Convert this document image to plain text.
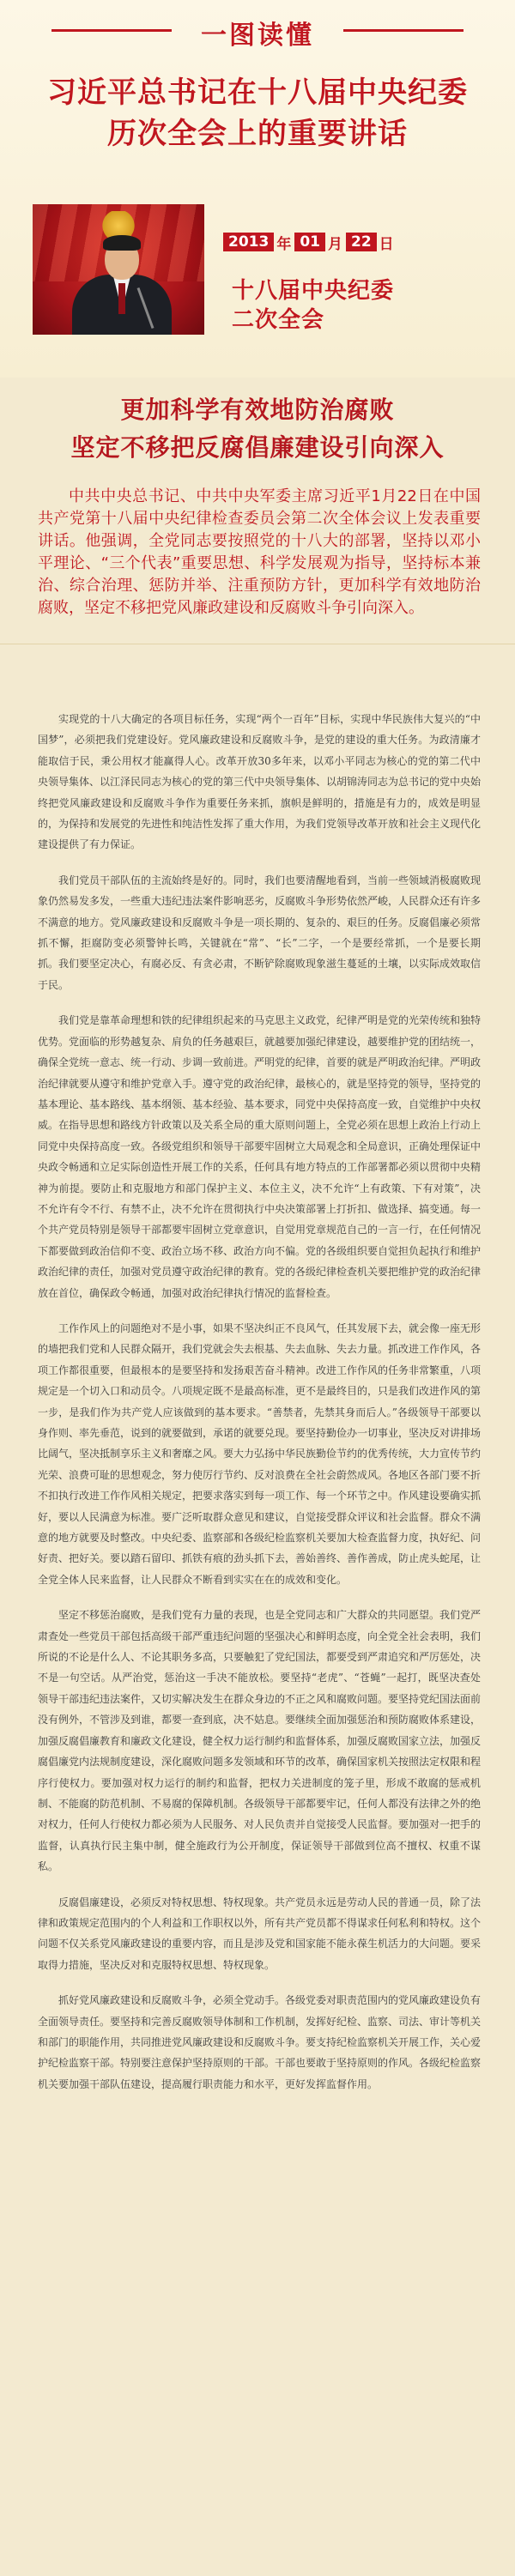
一图读懂
习近平总书记在十八届中央纪委
历次全会上的重要讲话
2013 年 01 月 22 日
十八届中央纪委
二次全会
更加科学有效地防治腐败
坚定不移把反腐倡廉建设引向深入
中共中央总书记、中共中央军委主席习近平1月22日在中国共产党第十八届中央纪律检查委员会第二次全体会议上发表重要讲话。他强调，全党同志要按照党的十八大的部署，坚持以邓小平理论、“三个代表”重要思想、科学发展观为指导，坚持标本兼治、综合治理、惩防并举、注重预防方针，更加科学有效地防治腐败，坚定不移把党风廉政建设和反腐败斗争引向深入。

实现党的十八大确定的各项目标任务，实现“两个一百年”目标，实现中华民族伟大复兴的“中国梦”，必须把我们党建设好。党风廉政建设和反腐败斗争，是党的建设的重大任务。为政清廉才能取信于民，秉公用权才能赢得人心。改革开放30多年来，以邓小平同志为核心的党的第二代中央领导集体、以江泽民同志为核心的党的第三代中央领导集体、以胡锦涛同志为总书记的党中央始终把党风廉政建设和反腐败斗争作为重要任务来抓，旗帜是鲜明的，措施是有力的，成效是明显的，为保持和发展党的先进性和纯洁性发挥了重大作用，为我们党领导改革开放和社会主义现代化建设提供了有力保证。

我们党员干部队伍的主流始终是好的。同时，我们也要清醒地看到，当前一些领域消极腐败现象仍然易发多发，一些重大违纪违法案件影响恶劣，反腐败斗争形势依然严峻，人民群众还有许多不满意的地方。党风廉政建设和反腐败斗争是一项长期的、复杂的、艰巨的任务。反腐倡廉必须常抓不懈，拒腐防变必须警钟长鸣，关键就在“常”、“长”二字，一个是要经常抓，一个是要长期抓。我们要坚定决心，有腐必反、有贪必肃，不断铲除腐败现象滋生蔓延的土壤，以实际成效取信于民。

我们党是靠革命理想和铁的纪律组织起来的马克思主义政党，纪律严明是党的光荣传统和独特优势。党面临的形势越复杂、肩负的任务越艰巨，就越要加强纪律建设，越要维护党的团结统一，确保全党统一意志、统一行动、步调一致前进。严明党的纪律，首要的就是严明政治纪律。严明政治纪律就要从遵守和维护党章入手。遵守党的政治纪律，最核心的，就是坚持党的领导，坚持党的基本理论、基本路线、基本纲领、基本经验、基本要求，同党中央保持高度一致，自觉维护中央权威。在指导思想和路线方针政策以及关系全局的重大原则问题上，全党必须在思想上政治上行动上同党中央保持高度一致。各级党组织和领导干部要牢固树立大局观念和全局意识，正确处理保证中央政令畅通和立足实际创造性开展工作的关系，任何具有地方特点的工作部署都必须以贯彻中央精神为前提。要防止和克服地方和部门保护主义、本位主义，决不允许“上有政策、下有对策”，决不允许有令不行、有禁不止，决不允许在贯彻执行中央决策部署上打折扣、做选择、搞变通。每一个共产党员特别是领导干部都要牢固树立党章意识，自觉用党章规范自己的一言一行，在任何情况下都要做到政治信仰不变、政治立场不移、政治方向不偏。党的各级组织要自觉担负起执行和维护政治纪律的责任，加强对党员遵守政治纪律的教育。党的各级纪律检查机关要把维护党的政治纪律放在首位，确保政令畅通，加强对政治纪律执行情况的监督检查。

工作作风上的问题绝对不是小事，如果不坚决纠正不良风气，任其发展下去，就会像一座无形的墙把我们党和人民群众隔开，我们党就会失去根基、失去血脉、失去力量。抓改进工作作风，各项工作都很重要，但最根本的是要坚持和发扬艰苦奋斗精神。改进工作作风的任务非常繁重，八项规定是一个切入口和动员令。八项规定既不是最高标准，更不是最终目的，只是我们改进作风的第一步，是我们作为共产党人应该做到的基本要求。“善禁者，先禁其身而后人。”各级领导干部要以身作则、率先垂范，说到的就要做到，承诺的就要兑现。要坚持勤俭办一切事业，坚决反对讲排场比阔气，坚决抵制享乐主义和奢靡之风。要大力弘扬中华民族勤俭节约的优秀传统，大力宣传节约光荣、浪费可耻的思想观念，努力使厉行节约、反对浪费在全社会蔚然成风。各地区各部门要不折不扣执行改进工作作风相关规定，把要求落实到每一项工作、每一个环节之中。作风建设要确实抓好，要以人民满意为标准。要广泛听取群众意见和建议，自觉接受群众评议和社会监督。群众不满意的地方就要及时整改。中央纪委、监察部和各级纪检监察机关要加大检查监督力度，执好纪、问好责、把好关。要以踏石留印、抓铁有痕的劲头抓下去，善始善终、善作善成，防止虎头蛇尾，让全党全体人民来监督，让人民群众不断看到实实在在的成效和变化。

坚定不移惩治腐败，是我们党有力量的表现，也是全党同志和广大群众的共同愿望。我们党严肃查处一些党员干部包括高级干部严重违纪问题的坚强决心和鲜明态度，向全党全社会表明，我们所说的不论是什么人、不论其职务多高，只要触犯了党纪国法，都要受到严肃追究和严厉惩处，决不是一句空话。从严治党，惩治这一手决不能放松。要坚持“老虎”、“苍蝇”一起打，既坚决查处领导干部违纪违法案件，又切实解决发生在群众身边的不正之风和腐败问题。要坚持党纪国法面前没有例外，不管涉及到谁，都要一查到底，决不姑息。要继续全面加强惩治和预防腐败体系建设，加强反腐倡廉教育和廉政文化建设，健全权力运行制约和监督体系，加强反腐败国家立法，加强反腐倡廉党内法规制度建设，深化腐败问题多发领域和环节的改革，确保国家机关按照法定权限和程序行使权力。要加强对权力运行的制约和监督，把权力关进制度的笼子里，形成不敢腐的惩戒机制、不能腐的防范机制、不易腐的保障机制。各级领导干部都要牢记，任何人都没有法律之外的绝对权力，任何人行使权力都必须为人民服务、对人民负责并自觉接受人民监督。要加强对一把手的监督，认真执行民主集中制，健全施政行为公开制度，保证领导干部做到位高不擅权、权重不谋私。

反腐倡廉建设，必须反对特权思想、特权现象。共产党员永远是劳动人民的普通一员，除了法律和政策规定范围内的个人利益和工作职权以外，所有共产党员都不得谋求任何私利和特权。这个问题不仅关系党风廉政建设的重要内容，而且是涉及党和国家能不能永葆生机活力的大问题。要采取得力措施，坚决反对和克服特权思想、特权现象。

抓好党风廉政建设和反腐败斗争，必须全党动手。各级党委对职责范围内的党风廉政建设负有全面领导责任。要坚持和完善反腐败领导体制和工作机制，发挥好纪检、监察、司法、审计等机关和部门的职能作用，共同推进党风廉政建设和反腐败斗争。要支持纪检监察机关开展工作，关心爱护纪检监察干部。特别要注意保护坚持原则的干部。干部也要敢于坚持原则的作风。各级纪检监察机关要加强干部队伍建设，提高履行职责能力和水平，更好发挥监督作用。
